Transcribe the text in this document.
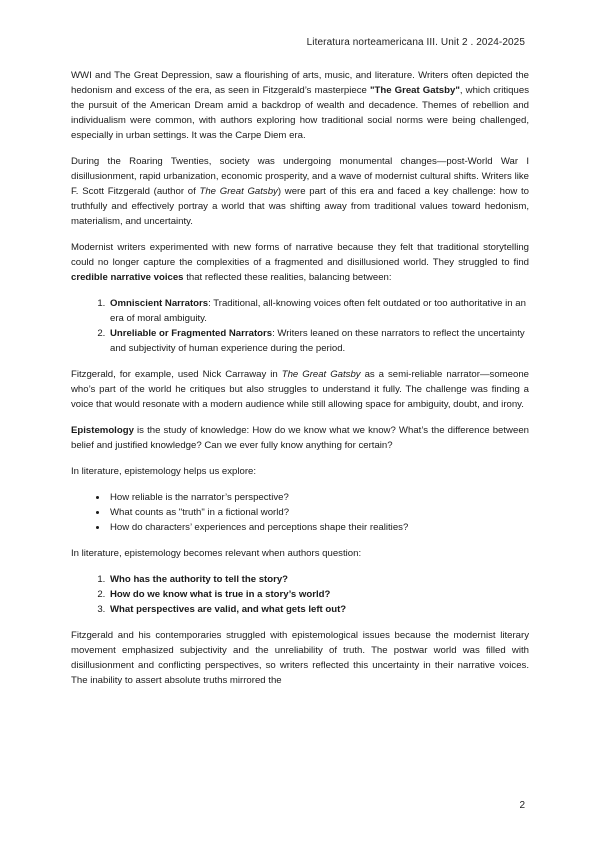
Literatura norteamericana III. Unit 2 . 2024-2025

WWI and The Great Depression, saw a flourishing of arts, music, and literature. Writers often depicted the hedonism and excess of the era, as seen in Fitzgerald’s masterpiece "The Great Gatsby", which critiques the pursuit of the American Dream amid a backdrop of wealth and decadence. Themes of rebellion and individualism were common, with authors exploring how traditional social norms were being challenged, especially in urban settings. It was the Carpe Diem era.

During the Roaring Twenties, society was undergoing monumental changes—post-World War I disillusionment, rapid urbanization, economic prosperity, and a wave of modernist cultural shifts. Writers like F. Scott Fitzgerald (author of The Great Gatsby) were part of this era and faced a key challenge: how to truthfully and effectively portray a world that was shifting away from traditional values toward hedonism, materialism, and uncertainty.

Modernist writers experimented with new forms of narrative because they felt that traditional storytelling could no longer capture the complexities of a fragmented and disillusioned world. They struggled to find credible narrative voices that reflected these realities, balancing between:

1. Omniscient Narrators: Traditional, all-knowing voices often felt outdated or too authoritative in an era of moral ambiguity.
2. Unreliable or Fragmented Narrators: Writers leaned on these narrators to reflect the uncertainty and subjectivity of human experience during the period.

Fitzgerald, for example, used Nick Carraway in The Great Gatsby as a semi-reliable narrator—someone who’s part of the world he critiques but also struggles to understand it fully. The challenge was finding a voice that would resonate with a modern audience while still allowing space for ambiguity, doubt, and irony.

Epistemology is the study of knowledge: How do we know what we know? What’s the difference between belief and justified knowledge? Can we ever fully know anything for certain?

In literature, epistemology helps us explore:

• How reliable is the narrator’s perspective?
• What counts as "truth" in a fictional world?
• How do characters’ experiences and perceptions shape their realities?

In literature, epistemology becomes relevant when authors question:

1. Who has the authority to tell the story?
2. How do we know what is true in a story’s world?
3. What perspectives are valid, and what gets left out?

Fitzgerald and his contemporaries struggled with epistemological issues because the modernist literary movement emphasized subjectivity and the unreliability of truth. The postwar world was filled with disillusionment and conflicting perspectives, so writers reflected this uncertainty in their narrative voices. The inability to assert absolute truths mirrored the

2
